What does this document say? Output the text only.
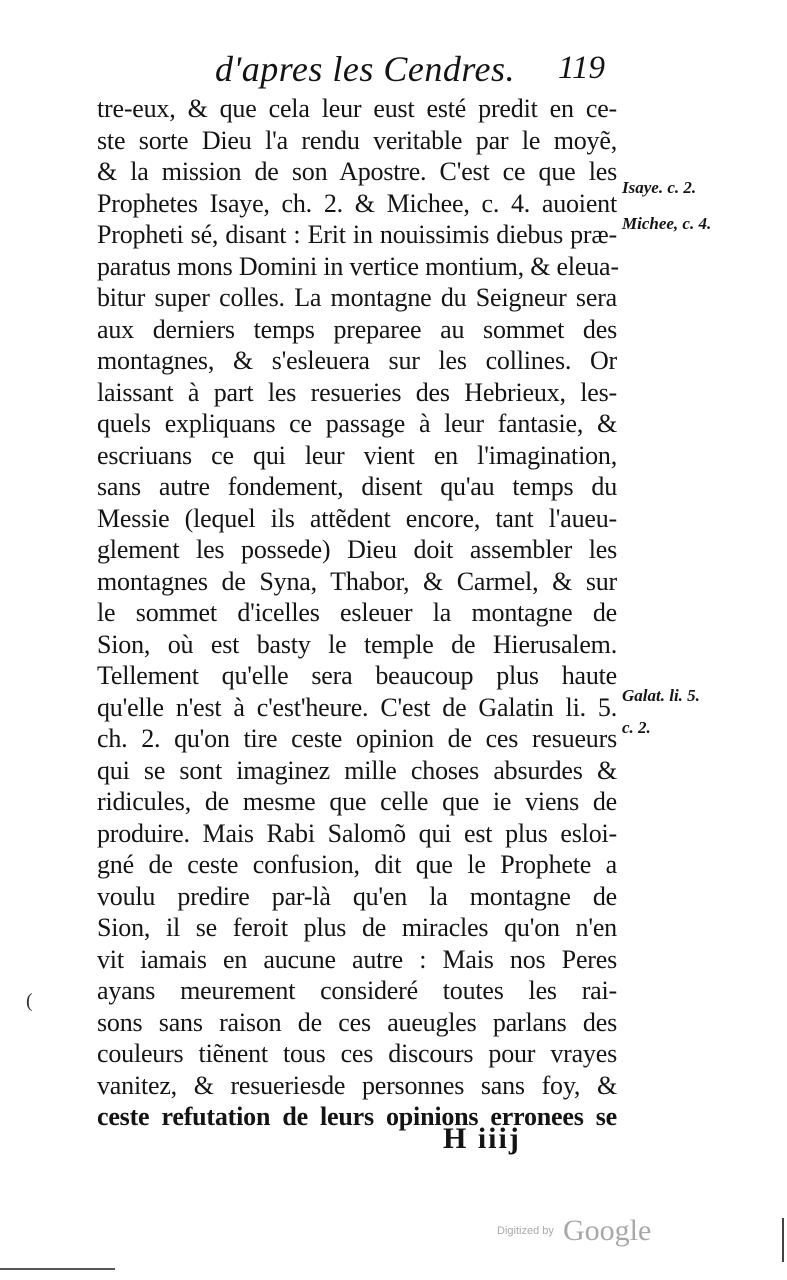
d'apres les Cendres. 119
tre-eux, & que cela leur eust esté predit en ce-
ste sorte Dieu l'a rendu veritable par le moyẽ,
& la mission de son Apostre. C'est ce que les
Prophetes Isaye, ch. 2. & Michee, c. 4. auoient
Propheti sé, disant : Erit in nouissimis diebus præ-
paratus mons Domini in vertice montium, & eleua-
bitur super colles. La montagne du Seigneur sera
aux derniers temps preparee au sommet des
montagnes, & s'esleuera sur les collines. Or
laissant à part les resueries des Hebrieux, les-
quels expliquans ce passage à leur fantasie, &
escriuans ce qui leur vient en l'imagination,
sans autre fondement, disent qu'au temps du
Messie (lequel ils attẽdent encore, tant l'aueu-
glement les possede) Dieu doit assembler les
montagnes de Syna, Thabor, & Carmel, & sur
le sommet d'icelles esleuer la montagne de
Sion, où est basty le temple de Hierusalem.
Tellement qu'elle sera beaucoup plus haute
qu'elle n'est à c'est'heure. C'est de Galatin li. 5.
ch. 2. qu'on tire ceste opinion de ces resueurs
qui se sont imaginez mille choses absurdes &
ridicules, de mesme que celle que ie viens de
produire. Mais Rabi Salomõ qui est plus esloi-
gné de ceste confusion, dit que le Prophete a
voulu predire par-là qu'en la montagne de
Sion, il se feroit plus de miracles qu'on n'en
vit iamais en aucune autre : Mais nos Peres
ayans meurement consideré toutes les rai-
sons sans raison de ces aueugles parlans des
couleurs tiẽnent tous ces discours pour vrayes
vanitez, & resueriesde personnes sans foy, &
ceste refutation de leurs opinions erronees se
Isaye. c. 2.
Michee, c. 4.
Galat. li. 5.
c. 2.
H iiij
(
Digitized by Google
